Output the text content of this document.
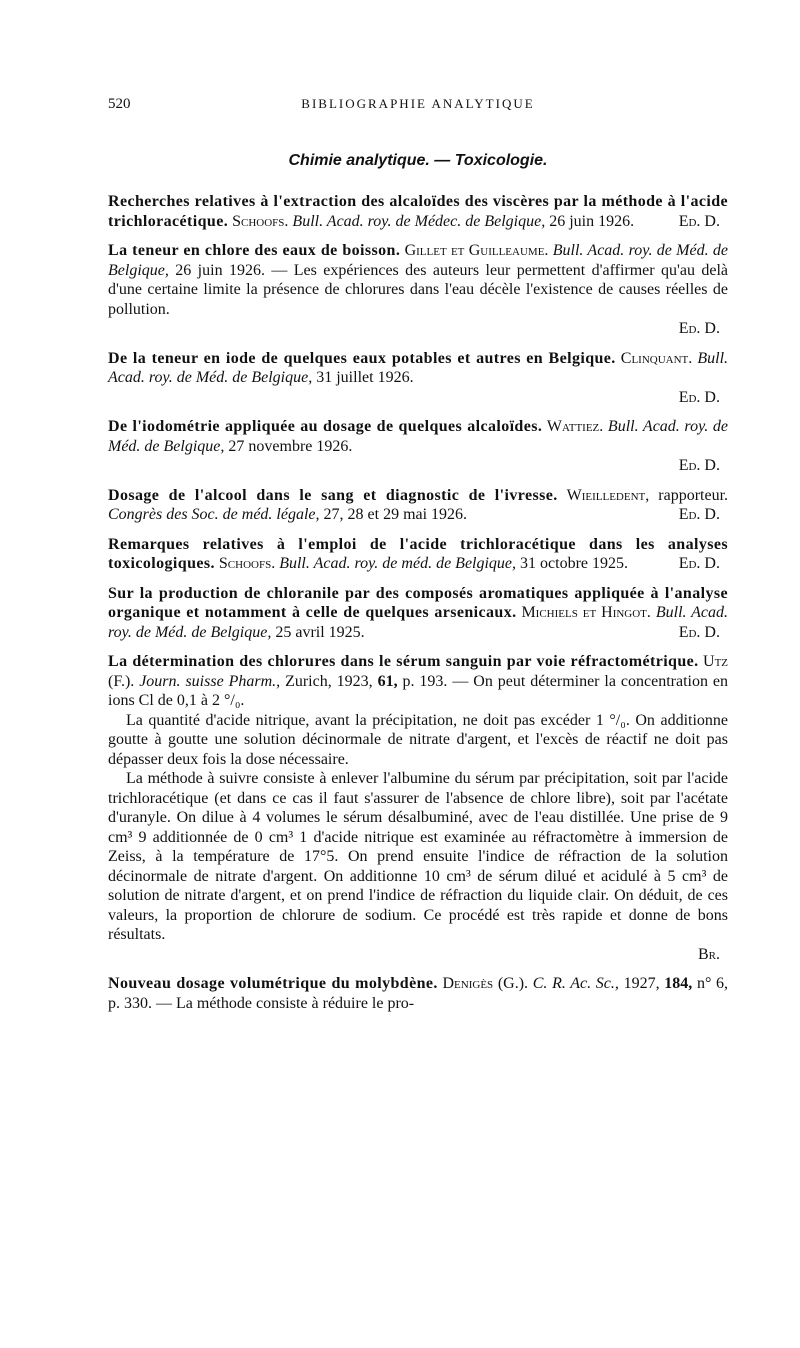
520	BIBLIOGRAPHIE ANALYTIQUE
Chimie analytique. — Toxicologie.
Recherches relatives à l'extraction des alcaloïdes des viscères par la méthode à l'acide trichloracétique. Schoofs. Bull. Acad. roy. de Médec. de Belgique, 26 juin 1926.	Ed. D.
La teneur en chlore des eaux de boisson. Gillet et Guilleaume. Bull. Acad. roy. de Méd. de Belgique, 26 juin 1926. — Les expériences des auteurs leur permettent d'affirmer qu'au delà d'une certaine limite la présence de chlorures dans l'eau décèle l'existence de causes réelles de pollution.
Ed. D.
De la teneur en iode de quelques eaux potables et autres en Belgique. Clinquant. Bull. Acad. roy. de Méd. de Belgique, 31 juillet 1926.
Ed. D.
De l'iodométrie appliquée au dosage de quelques alcaloïdes. Wattiez. Bull. Acad. roy. de Méd. de Belgique, 27 novembre 1926.
Ed. D.
Dosage de l'alcool dans le sang et diagnostic de l'ivresse. Wieilledent, rapporteur. Congrès des Soc. de méd. légale, 27, 28 et 29 mai 1926.	Ed. D.
Remarques relatives à l'emploi de l'acide trichloracétique dans les analyses toxicologiques. Schoofs. Bull. Acad. roy. de méd. de Belgique, 31 octobre 1925.	Ed. D.
Sur la production de chloranile par des composés aromatiques appliquée à l'analyse organique et notamment à celle de quelques arsenicaux. Michiels et Hingot. Bull. Acad. roy. de Méd. de Belgique, 25 avril 1925.	Ed. D.
La détermination des chlorures dans le sérum sanguin par voie réfractométrique. Utz (F.). Journ. suisse Pharm., Zurich, 1923, 61, p. 193. — On peut déterminer la concentration en ions Cl de 0,1 à 2 °/₀.
La quantité d'acide nitrique, avant la précipitation, ne doit pas excéder 1 °/₀. On additionne goutte à goutte une solution décinormale de nitrate d'argent, et l'excès de réactif ne doit pas dépasser deux fois la dose nécessaire.
La méthode à suivre consiste à enlever l'albumine du sérum par précipitation, soit par l'acide trichloracétique (et dans ce cas il faut s'assurer de l'absence de chlore libre), soit par l'acétate d'uranyle. On dilue à 4 volumes le sérum désalbuminé, avec de l'eau distillée. Une prise de 9 cm³ 9 additionnée de 0 cm³ 1 d'acide nitrique est examinée au réfractomètre à immersion de Zeiss, à la température de 17°5. On prend ensuite l'indice de réfraction de la solution décinormale de nitrate d'argent. On additionne 10 cm³ de sérum dilué et acidulé à 5 cm³ de solution de nitrate d'argent, et on prend l'indice de réfraction du liquide clair. On déduit, de ces valeurs, la proportion de chlorure de sodium. Ce procédé est très rapide et donne de bons résultats.
Br.
Nouveau dosage volumétrique du molybdène. Denigès (G.). C. R. Ac. Sc., 1927, 184, n° 6, p. 330. — La méthode consiste à réduire le pro-
